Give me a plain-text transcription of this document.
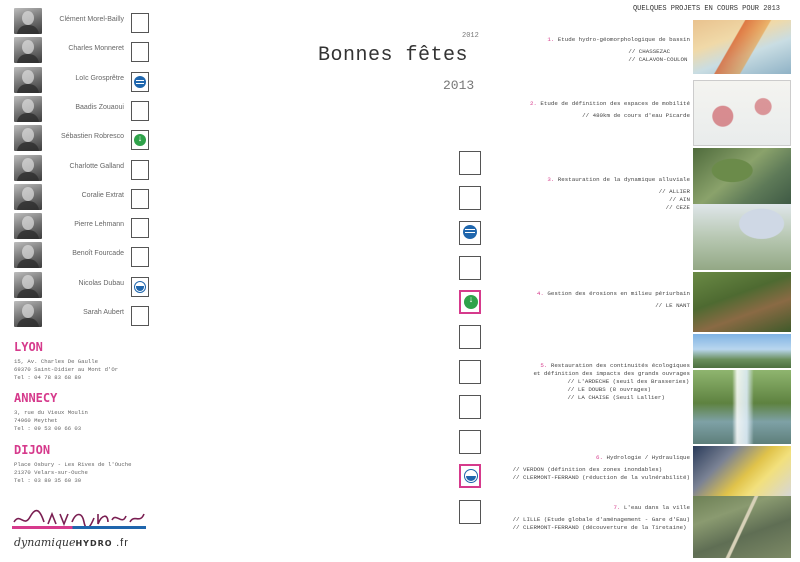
Clément Morel-Bailly
Charles Monneret
Loïc Grosprêtre
Baadis Zouaoui
Sébastien Robresco
↓
Charlotte Galland
Coralie Extrat
Pierre Lehmann
Benoît Fourcade
Nicolas Dubau
Sarah Aubert
LYON
15, Av. Charles De Gaulle
69370 Saint-Didier au Mont d'Or
Tel : 04 78 83 68 89
ANNECY
3, rue du Vieux Moulin
74960 Meythet
Tel : 09 53 00 66 03
DIJON
Place Osbury - Les Rives de l'Ouche
21370 Velars-sur-Ouche
Tel : 03 80 35 60 30
dynamiqueHYDRO .fr
2012
Bonnes fêtes
2013
↓
QUELQUES PROJETS EN COURS POUR 2013
1. Etude hydro-géomorphologique de bassin
// CHASSEZAC
// CALAVON-COULON
2. Etude de définition des espaces de mobilité
// 480km de cours d'eau Picarde
3. Restauration de la dynamique alluviale
// ALLIER
// AIN
// CEZE
4. Gestion des érosions en milieu périurbain
// LE NANT
5. Restauration des continuités écologiques
et définition des impacts des grands ouvrages
// L'ARDECHE (seuil des Brasseries)
// LE DOUBS (8 ouvrages)
// LA CHAISE (Seuil Lallier)
6. Hydrologie / Hydraulique
// VERDON (définition des zones inondables)
// CLERMONT-FERRAND (réduction de la vulnérabilité)
7. L'eau dans la ville
// LILLE (Etude globale d'aménagement - Gare d'Eau)
// CLERMONT-FERRAND (découverture de la Tiretaine)
